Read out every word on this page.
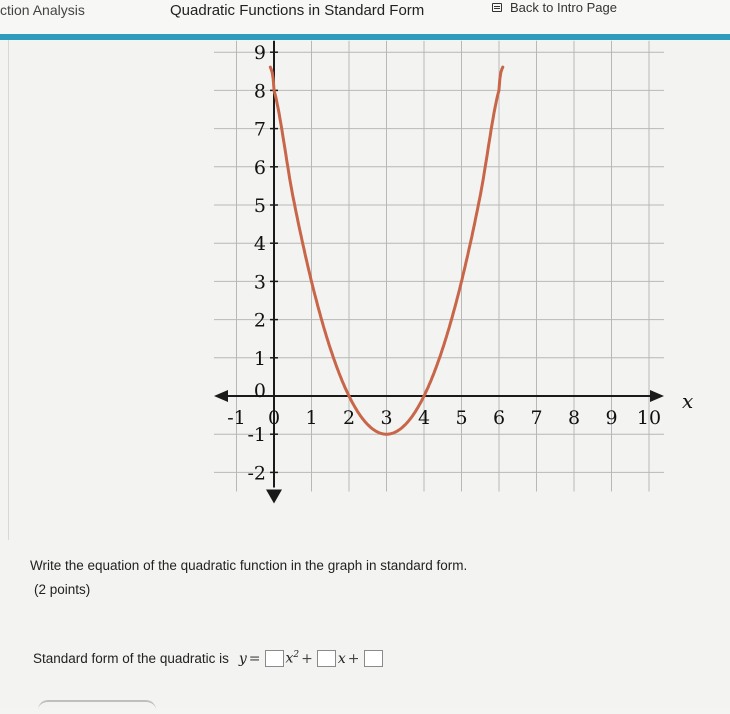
ction Analysis	Quadratic Functions in Standard Form	Back to Intro Page
-1 0 1 2 3 4 5 6 7 8 9 10
-2
-1
0
1
2
3
4
5
6
7
8
9
x
Write the equation of the quadratic function in the graph in standard form.
(2 points)
Standard form of the quadratic is $y = x^2 + x$ +
